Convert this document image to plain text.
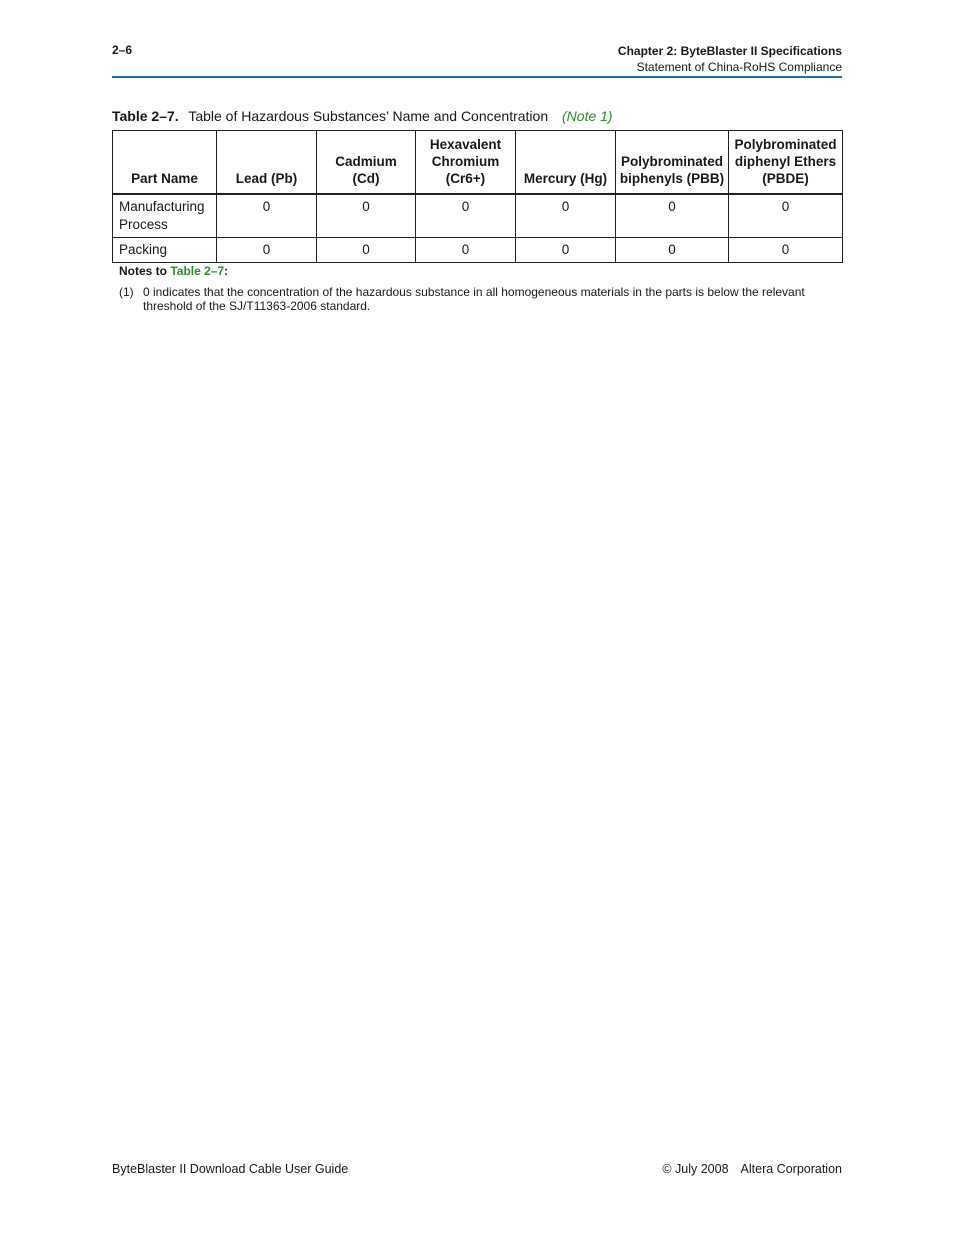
2–6	Chapter 2: ByteBlaster II Specifications
Statement of China-RoHS Compliance
Table 2–7. Table of Hazardous Substances’ Name and Concentration (Note 1)
Part Name	Lead (Pb)	Cadmium (Cd)	Hexavalent Chromium (Cr6+)	Mercury (Hg)	Polybrominated biphenyls (PBB)	Polybrominated diphenyl Ethers (PBDE)
Manufacturing Process	0	0	0	0	0	0
Packing	0	0	0	0	0	0
Notes to Table 2–7:
(1) 0 indicates that the concentration of the hazardous substance in all homogeneous materials in the parts is below the relevant threshold of the SJ/T11363-2006 standard.
ByteBlaster II Download Cable User Guide	© July 2008 Altera Corporation
